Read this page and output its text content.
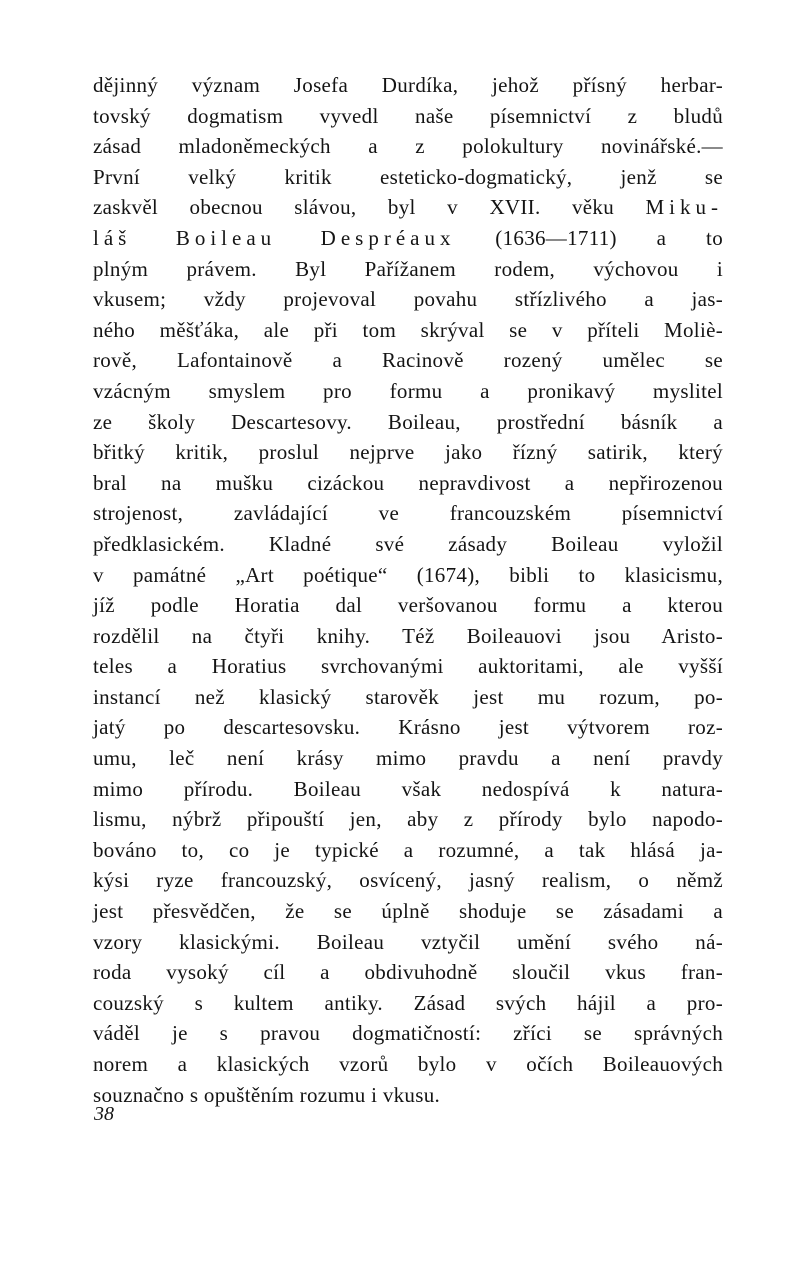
dějinný význam Josefa Durdíka, jehož přísný herbar-
tovský dogmatism vyvedl naše písemnictví z bludů
zásad mladoněmeckých a z polokultury novinářské.—
První velký kritik esteticko-dogmatický, jenž se
zaskvěl obecnou slávou, byl v XVII. věku Miku-
láš Boileau Despréaux (1636—1711) a to
plným právem. Byl Pařížanem rodem, výchovou i
vkusem; vždy projevoval povahu střízlivého a jas-
ného měšťáka, ale při tom skrýval se v příteli Moliè-
rově, Lafontainově a Racinově rozený umělec se
vzácným smyslem pro formu a pronikavý myslitel
ze školy Descartesovy. Boileau, prostřední básník a
břitký kritik, proslul nejprve jako řízný satirik, který
bral na mušku cizáckou nepravdivost a nepřirozenou
strojenost, zavládající ve francouzském písemnictví
předklasickém. Kladné své zásady Boileau vyložil
v památné „Art poétique“ (1674), bibli to klasicismu,
jíž podle Horatia dal veršovanou formu a kterou
rozdělil na čtyři knihy. Též Boileauovi jsou Aristo-
teles a Horatius svrchovanými auktoritami, ale vyšší
instancí než klasický starověk jest mu rozum, po-
jatý po descartesovsku. Krásno jest výtvorem roz-
umu, leč není krásy mimo pravdu a není pravdy
mimo přírodu. Boileau však nedospívá k natura-
lismu, nýbrž připouští jen, aby z přírody bylo napodo-
bováno to, co je typické a rozumné, a tak hlásá ja-
kýsi ryze francouzský, osvícený, jasný realism, o němž
jest přesvědčen, že se úplně shoduje se zásadami a
vzory klasickými. Boileau vztyčil umění svého ná-
roda vysoký cíl a obdivuhodně sloučil vkus fran-
couzský s kultem antiky. Zásad svých hájil a pro-
váděl je s pravou dogmatičností: zříci se správných
norem a klasických vzorů bylo v očích Boileauových
souznačno s opuštěním rozumu i vkusu.
38
